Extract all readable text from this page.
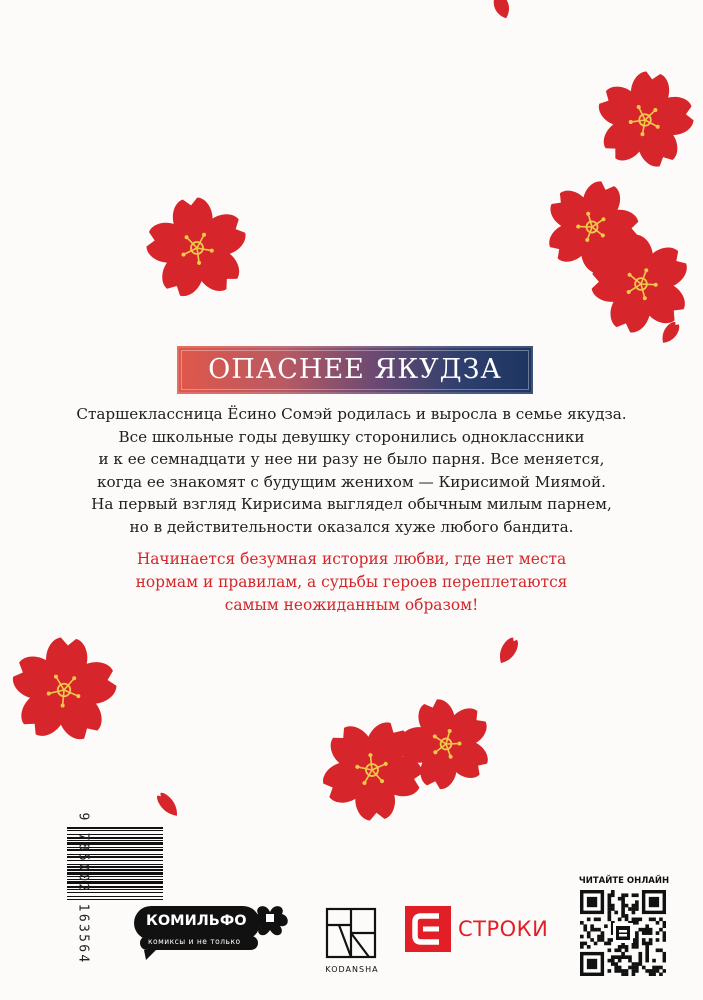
ОПАСНЕЕ ЯКУДЗА
Старшеклассница Ёсино Сомэй родилась и выросла в семье якудза.
Все школьные годы девушку сторонились одноклассники
и к ее семнадцати у нее ни разу не было парня. Все меняется,
когда ее знакомят с будущим женихом — Кирисимой Миямой.
На первый взгляд Кирисима выглядел обычным милым парнем,
но в действительности оказался хуже любого бандита.
Начинается безумная история любви, где нет места
нормам и правилам, а судьбы героев переплетаются
самым неожиданным образом!
9 785002 163564	КОМИЛЬФО
комиксы и не только
KODANSHA
СТРОКИ
ЧИТАЙТЕ ОНЛАЙН
